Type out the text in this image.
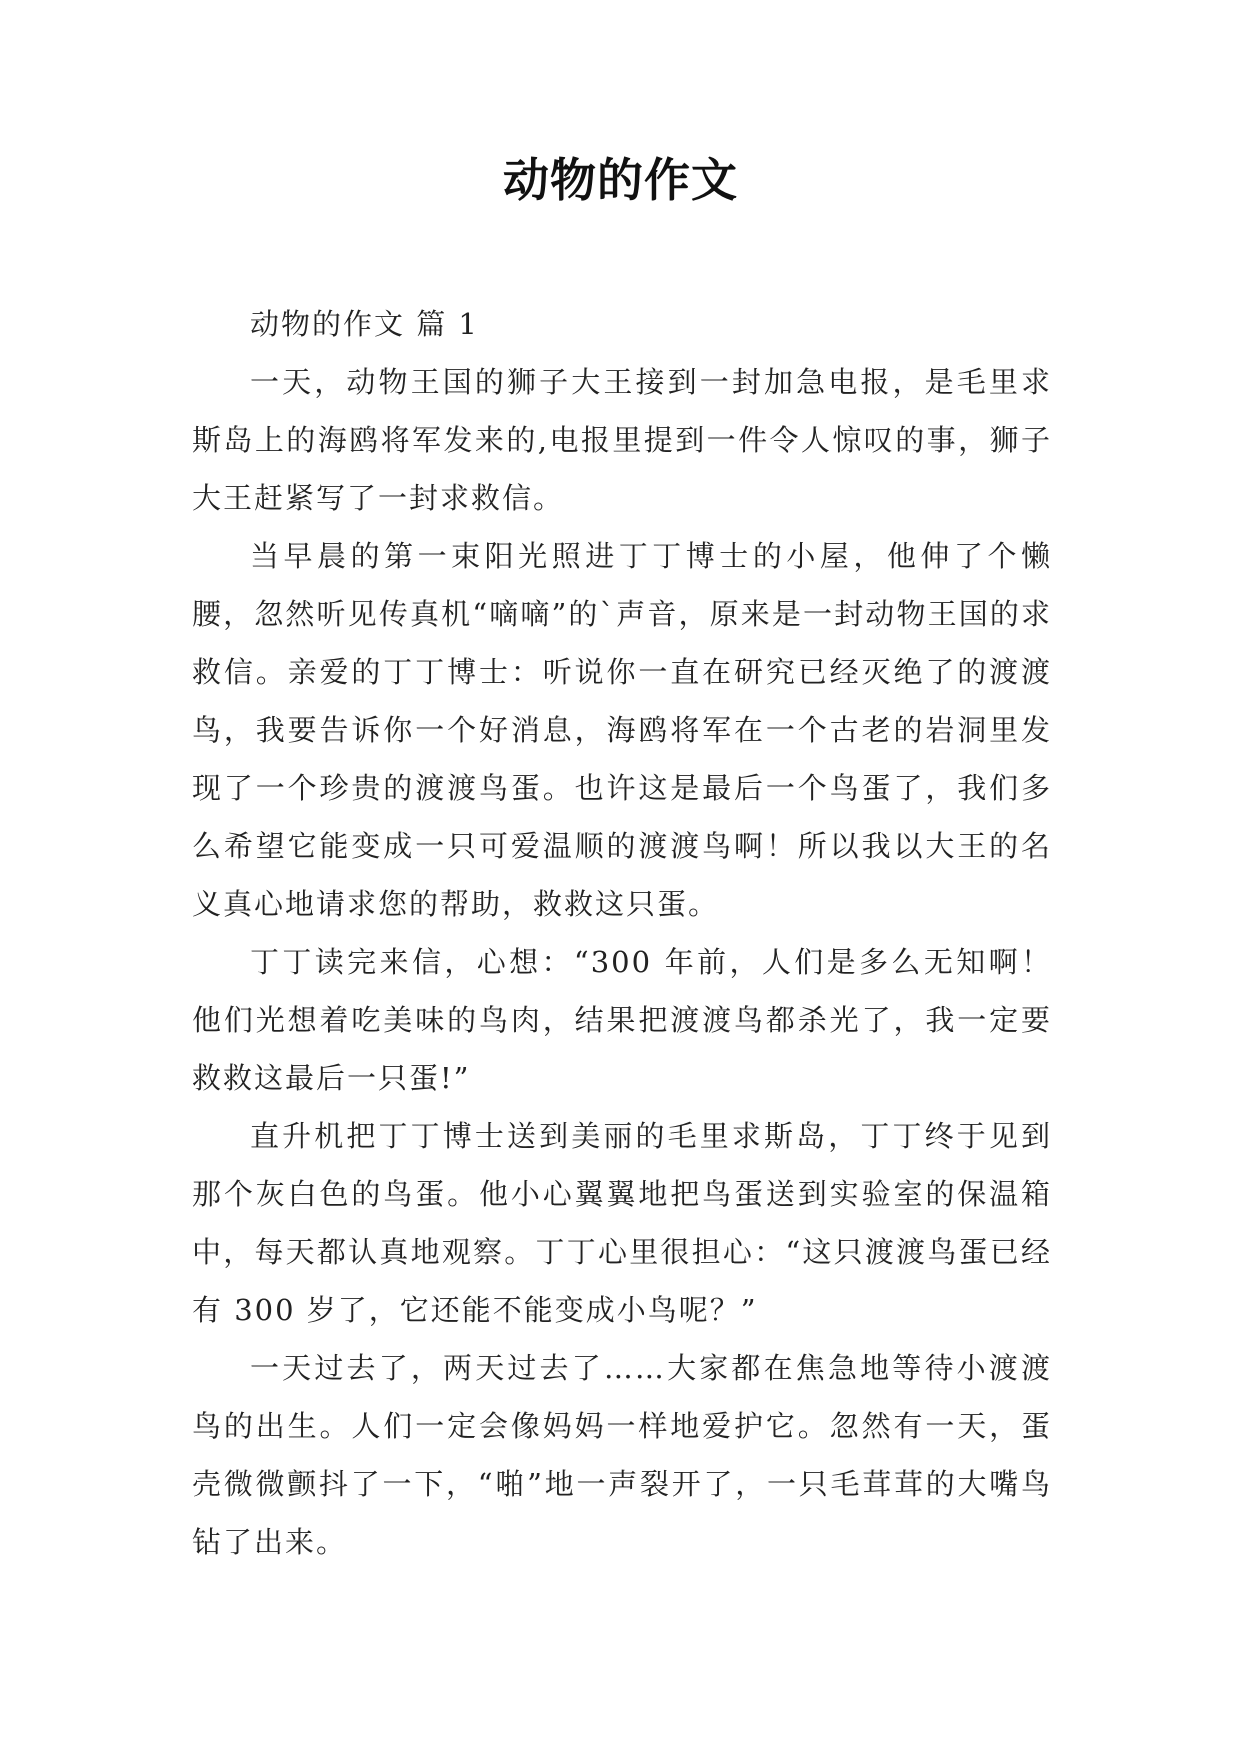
动物的作文

动物的作文 篇 1

一天，动物王国的狮子大王接到一封加急电报，是毛里求斯岛上的海鸥将军发来的,电报里提到一件令人惊叹的事，狮子大王赶紧写了一封求救信。

当早晨的第一束阳光照进丁丁博士的小屋，他伸了个懒腰，忽然听见传真机“嘀嘀”的`声音，原来是一封动物王国的求救信。亲爱的丁丁博士：听说你一直在研究已经灭绝了的渡渡鸟，我要告诉你一个好消息，海鸥将军在一个古老的岩洞里发现了一个珍贵的渡渡鸟蛋。也许这是最后一个鸟蛋了，我们多么希望它能变成一只可爱温顺的渡渡鸟啊！所以我以大王的名义真心地请求您的帮助，救救这只蛋。

丁丁读完来信，心想：“300 年前，人们是多么无知啊！他们光想着吃美味的鸟肉，结果把渡渡鸟都杀光了，我一定要救救这最后一只蛋!”

直升机把丁丁博士送到美丽的毛里求斯岛，丁丁终于见到那个灰白色的鸟蛋。他小心翼翼地把鸟蛋送到实验室的保温箱中，每天都认真地观察。丁丁心里很担心：“这只渡渡鸟蛋已经有 300 岁了，它还能不能变成小鸟呢？”

一天过去了，两天过去了……大家都在焦急地等待小渡渡鸟的出生。人们一定会像妈妈一样地爱护它。忽然有一天，蛋壳微微颤抖了一下，“啪”地一声裂开了，一只毛茸茸的大嘴鸟钻了出来。
